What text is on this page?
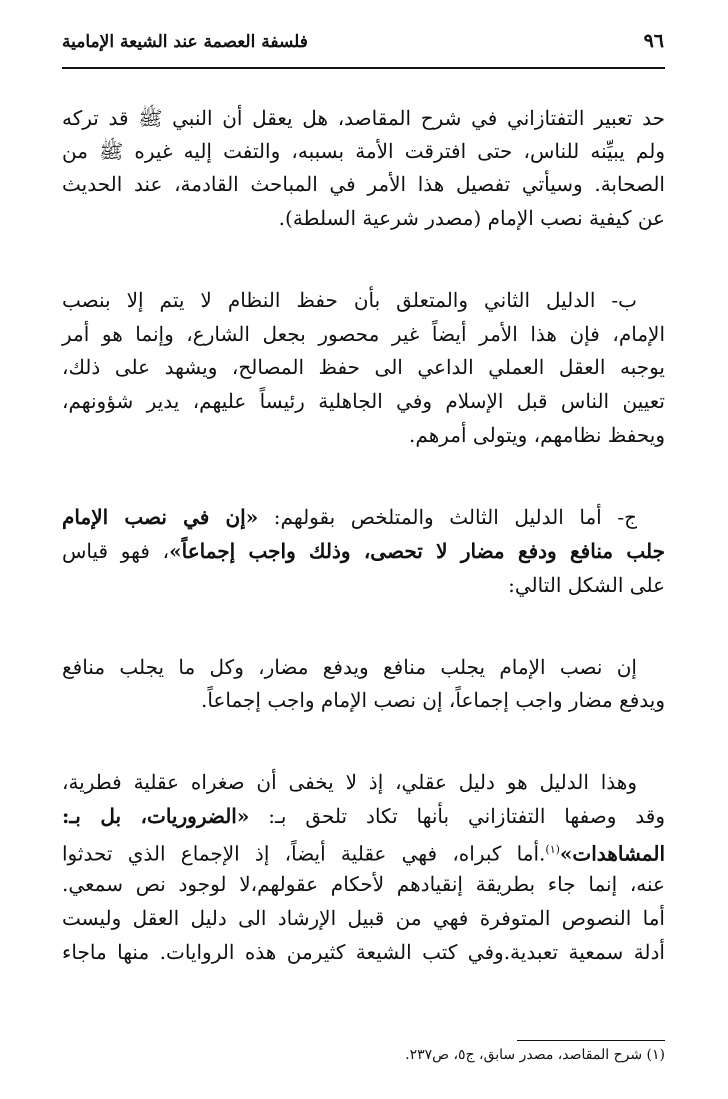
فلسفة العصمة عند الشيعة الإمامية	٩٦
حد تعبير التفتازاني في شرح المقاصد، هل يعقل أن النبي ﷺ قد تركه
ولم يبيِّنه للناس، حتى افترقت الأمة بسببه، والتفت إليه غيره ﷺ من
الصحابة. وسيأتي تفصيل هذا الأمر في المباحث القادمة، عند الحديث
عن كيفية نصب الإمام (مصدر شرعية السلطة).
ب- الدليل الثاني والمتعلق بأن حفظ النظام لا يتم إلا بنصب
الإمام، فإن هذا الأمر أيضاً غير محصور بجعل الشارع، وإنما هو أمر
يوجبه العقل العملي الداعي الى حفظ المصالح، ويشهد على ذلك،
تعيين الناس قبل الإسلام وفي الجاهلية رئيساً عليهم، يدير شؤونهم،
ويحفظ نظامهم، ويتولى أمرهم.
ج- أما الدليل الثالث والمتلخص بقولهم: «إن في نصب الإمام
جلب منافع ودفع مضار لا تحصى، وذلك واجب إجماعاً»، فهو قياس
على الشكل التالي:
إن نصب الإمام يجلب منافع ويدفع مضار، وكل ما يجلب منافع
ويدفع مضار واجب إجماعاً، إن نصب الإمام واجب إجماعاً.
وهذا الدليل هو دليل عقلي، إذ لا يخفى أن صغراه عقلية فطرية،
وقد وصفها التفتازاني بأنها تكاد تلحق بـ: «الضروريات، بل بـ:
المشاهدات»$^{(١)}$.أما كبراه، فهي عقلية أيضاً، إذ الإجماع الذي تحدثوا
عنه، إنما جاء بطريقة إنقيادهم لأحكام عقولهم،لا لوجود نص سمعي.
أما النصوص المتوفرة فهي من قبيل الإرشاد الى دليل العقل وليست
أدلة سمعية تعبدية.وفي كتب الشيعة كثيرمن هذه الروايات. منها ماجاء
(١) شرح المقاصد، مصدر سابق، ج٥، ص٢٣٧.
